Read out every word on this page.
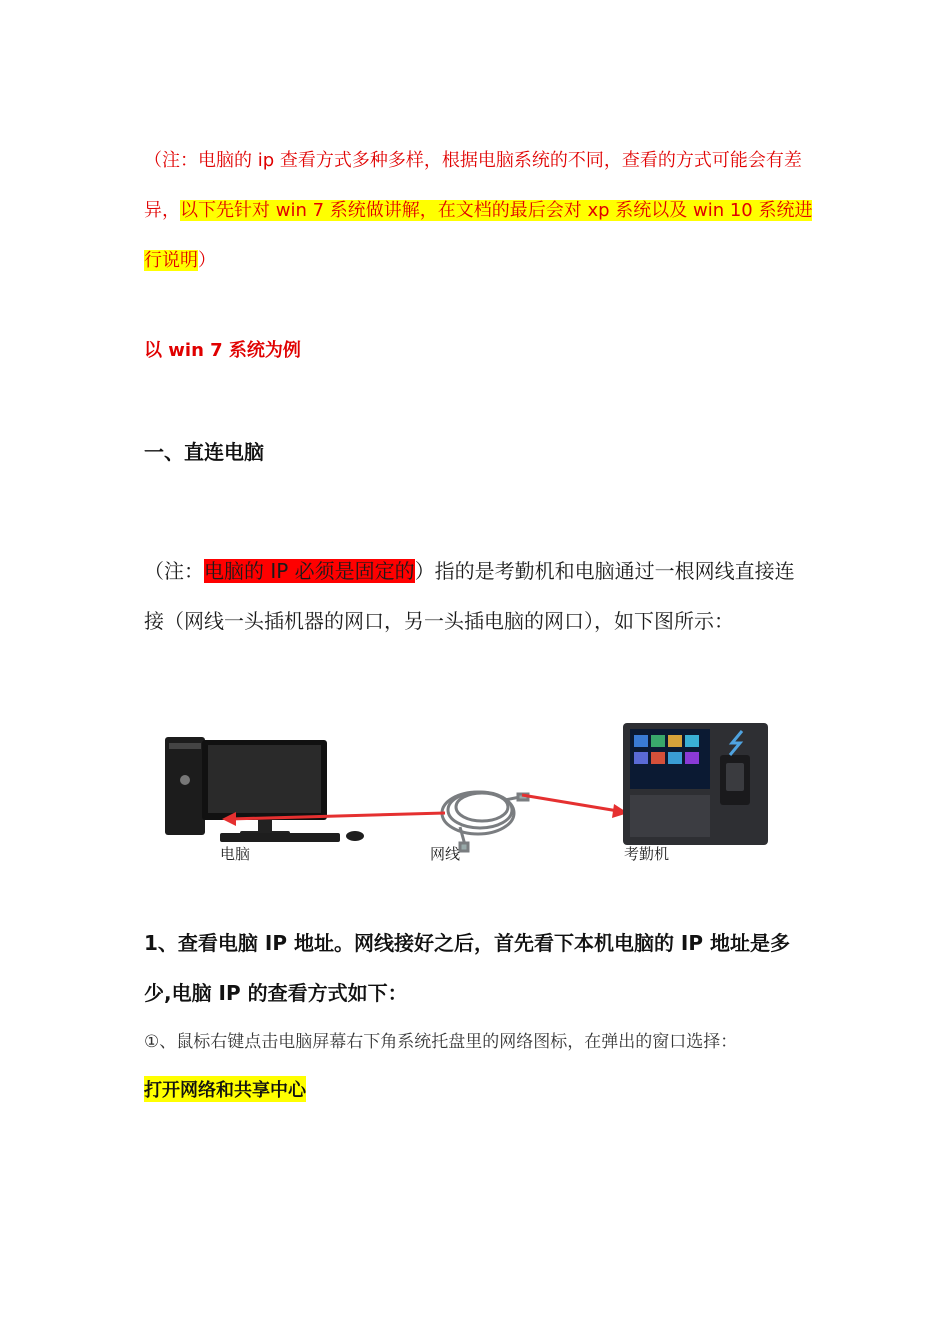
（注：电脑的 ip 查看方式多种多样，根据电脑系统的不同，查看的方式可能会有差异，以下先针对 win 7 系统做讲解，在文档的最后会对 xp 系统以及 win 10 系统进行说明）
以 win 7 系统为例
一、直连电脑
（注：电脑的 IP 必须是固定的）指的是考勤机和电脑通过一根网线直接连接（网线一头插机器的网口，另一头插电脑的网口），如下图所示：
电脑	网线	考勤机
1、查看电脑 IP 地址。网线接好之后，首先看下本机电脑的 IP 地址是多少,电脑 IP 的查看方式如下：
①、鼠标右键点击电脑屏幕右下角系统托盘里的网络图标，在弹出的窗口选择：
打开网络和共享中心
